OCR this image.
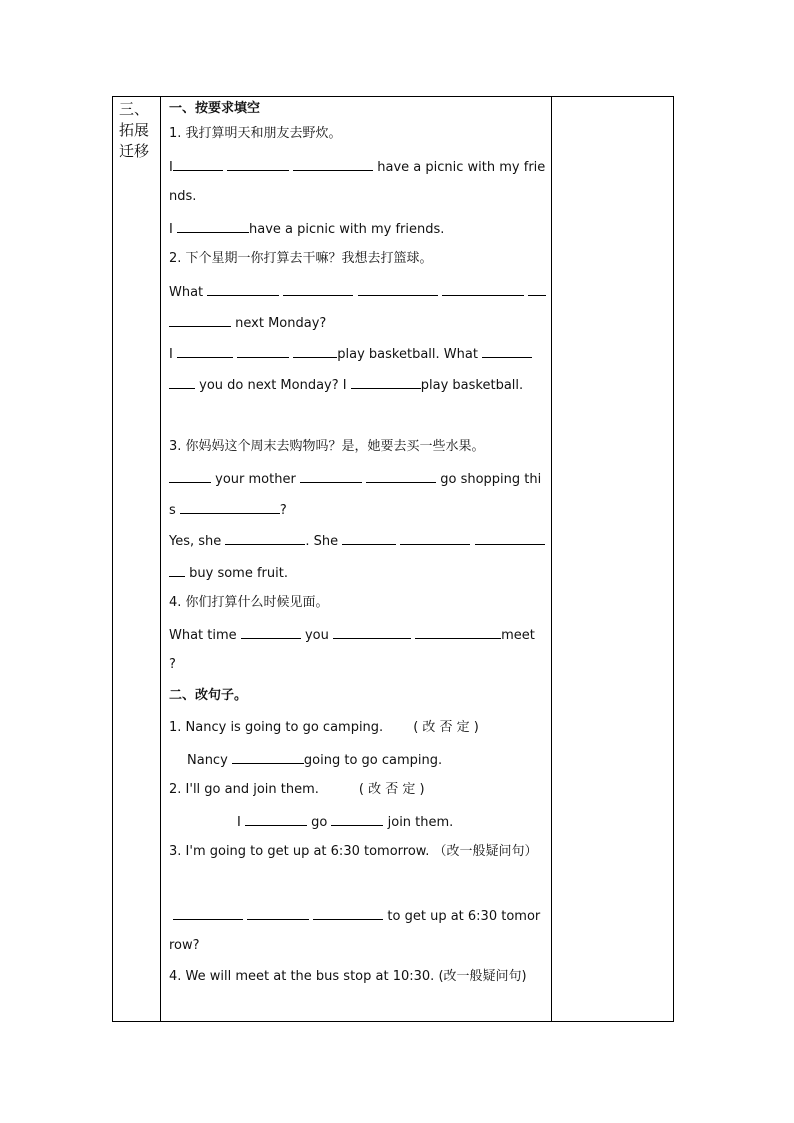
三、拓展迁移
一、按要求填空
1. 我打算明天和朋友去野炊。
I	have a picnic with my frie
nds.
I	have a picnic with my friends.
2. 下个星期一你打算去干嘛？我想去打篮球。
What
next Monday?
I	play basketball. What
you do next Monday? I	play basketball.
3. 你妈妈这个周末去购物吗？是，她要去买一些水果。
your mother	go shopping thi
s	?
Yes, she	. She
buy some fruit.
4. 你们打算什么时候见面。
What time	you	meet
?
二、改句子。
1. Nancy is going to go camping. ( 改 否 定 )
Nancy	going to go camping.
2. I'll go and join them.	( 改 否 定 )
I	go	join them.
3. I'm going to get up at 6:30 tomorrow. （改一般疑问句）
to get up at 6:30 tomor
row?
4. We will meet at the bus stop at 10:30. (改一般疑问句)
